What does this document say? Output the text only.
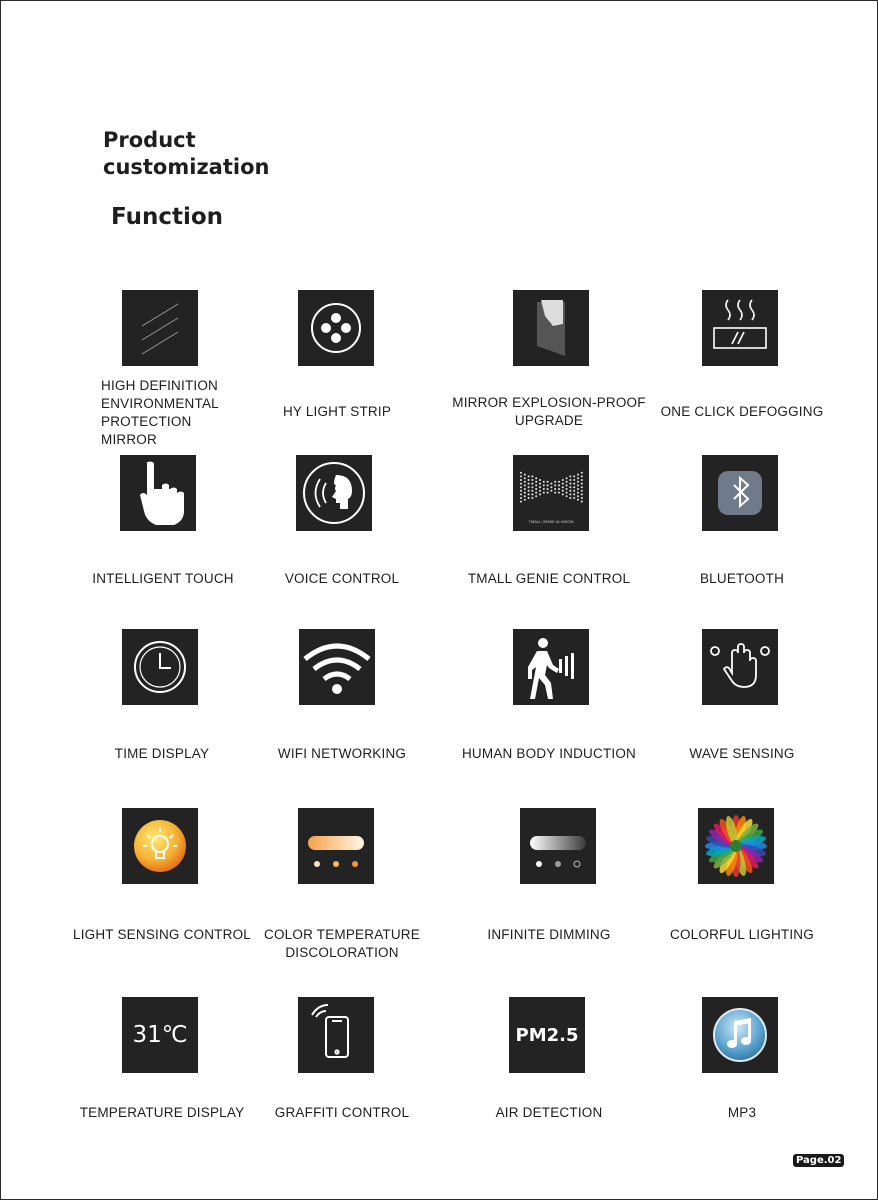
Product customization
Function
HIGH DEFINITION ENVIRONMENTAL PROTECTION MIRROR
HY LIGHT STRIP
MIRROR EXPLOSION-PROOF UPGRADE
ONE CLICK DEFOGGING
INTELLIGENT TOUCH	VOICE CONTROL
TMALL GENIE AI UNION
TMALL GENIE CONTROL	BLUETOOTH
TIME DISPLAY	WIFI NETWORKING	HUMAN BODY INDUCTION	WAVE SENSING
LIGHT SENSING CONTROL COLOR TEMPERATURE DISCOLORATION
INFINITE DIMMING	COLORFUL LIGHTING
31℃
TEMPERATURE DISPLAY	GRAFFITI CONTROL
PM2.5
AIR DETECTION	MP3
Page.02
